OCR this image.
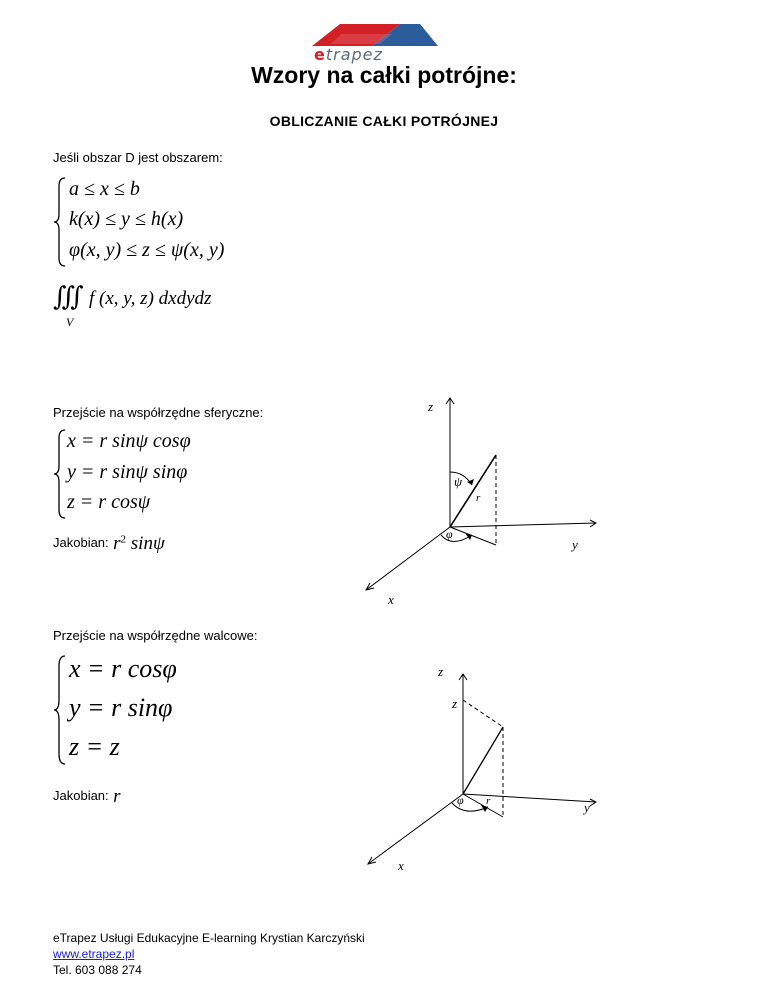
etrapez
Wzory na całki potrójne:
OBLICZANIE CAŁKI POTRÓJNEJ
Jeśli obszar D jest obszarem:
a ≤ x ≤ b
k(x) ≤ y ≤ h(x)
φ(x, y) ≤ z ≤ ψ(x, y)
∭
V
f (x, y, z) dxdydz
Przejście na współrzędne sferyczne:
x = r sinψ cosφ
y = r sinψ sinφ
z = r cosψ
Jakobian: $r^2$ sinψ
z
y
x
ψ
r
φ
Przejście na współrzędne walcowe:
x = r cosφ
y = r sinφ
z = z
Jakobian: r
z
z
y
x
φ r
eTrapez Usługi Edukacyjne E-learning Krystian Karczyński
www.etrapez.pl
Tel. 603 088 274
